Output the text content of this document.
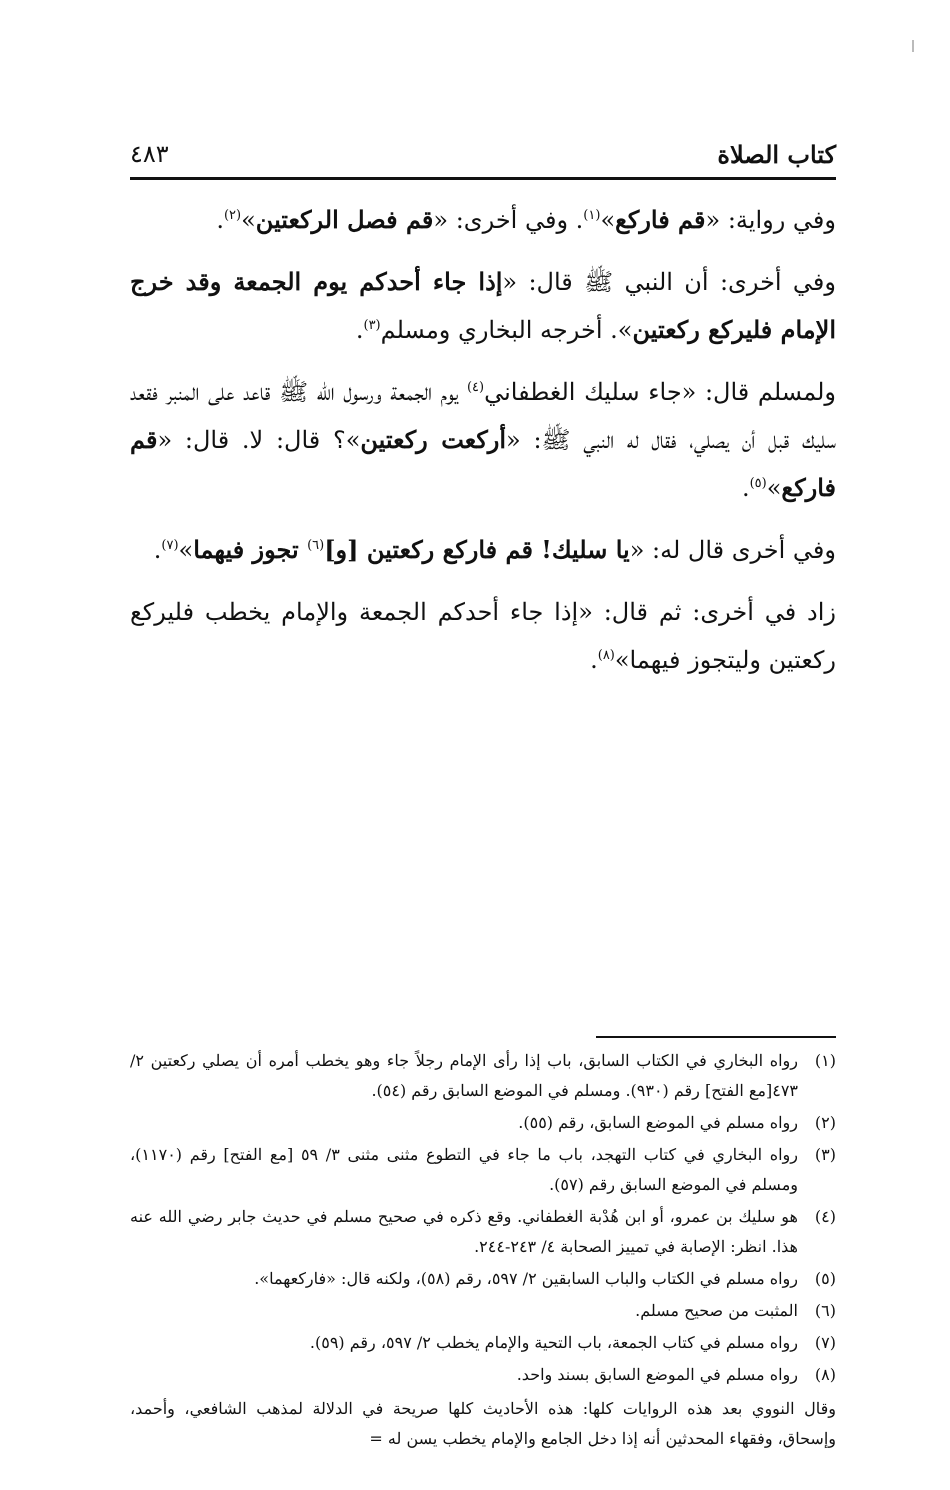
كتاب الصلاة
٤٨٣

وفي رواية: «قم فاركع»$^{(١)}$. وفي أخرى: «قم فصل الركعتين»$^{(٢)}$.

وفي أخرى: أن النبي ﷺ قال: «إذا جاء أحدكم يوم الجمعة وقد خرج الإمام فليركع ركعتين». أخرجه البخاري ومسلم$^{(٣)}$.

ولمسلم قال: «جاء سليك الغطفاني$^{(٤)}$ يوم الجمعة ورسول الله ﷺ قاعد على المنبر فقعد سليك قبل أن يصلي، فقال له النبي ﷺ: «أركعت ركعتين»؟ قال: لا. قال: «قم فاركع»$^{(٥)}$.

وفي أخرى قال له: «يا سليك! قم فاركع ركعتين [و]$^{(٦)}$ تجوز فيهما»$^{(٧)}$.

زاد في أخرى: ثم قال: «إذا جاء أحدكم الجمعة والإمام يخطب فليركع ركعتين وليتجوز فيهما»$^{(٨)}$.

(١)
رواه البخاري في الكتاب السابق، باب إذا رأى الإمام رجلاً جاء وهو يخطب أمره أن يصلي ركعتين ٢/ ٤٧٣[مع الفتح] رقم (٩٣٠). ومسلم في الموضع السابق رقم (٥٤).
(٢)
رواه مسلم في الموضع السابق، رقم (٥٥).
(٣)
رواه البخاري في كتاب التهجد، باب ما جاء في التطوع مثنى مثنى ٣/ ٥٩ [مع الفتح] رقم (١١٧٠)، ومسلم في الموضع السابق رقم (٥٧).
(٤)
هو سليك بن عمرو، أو ابن هُدْبة الغطفاني. وقع ذكره في صحيح مسلم في حديث جابر رضي الله عنه هذا. انظر: الإصابة في تمييز الصحابة ٤/ ٢٤٣-٢٤٤.
(٥)
رواه مسلم في الكتاب والباب السابقين ٢/ ٥٩٧، رقم (٥٨)، ولكنه قال: «فاركعهما».
(٦)
المثبت من صحيح مسلم.
(٧)
رواه مسلم في كتاب الجمعة، باب التحية والإمام يخطب ٢/ ٥٩٧، رقم (٥٩).
(٨)
رواه مسلم في الموضع السابق بسند واحد.
وقال النووي بعد هذه الروايات كلها: هذه الأحاديث كلها صريحة في الدلالة لمذهب الشافعي، وأحمد، وإسحاق، وفقهاء المحدثين أنه إذا دخل الجامع والإمام يخطب يسن له =
